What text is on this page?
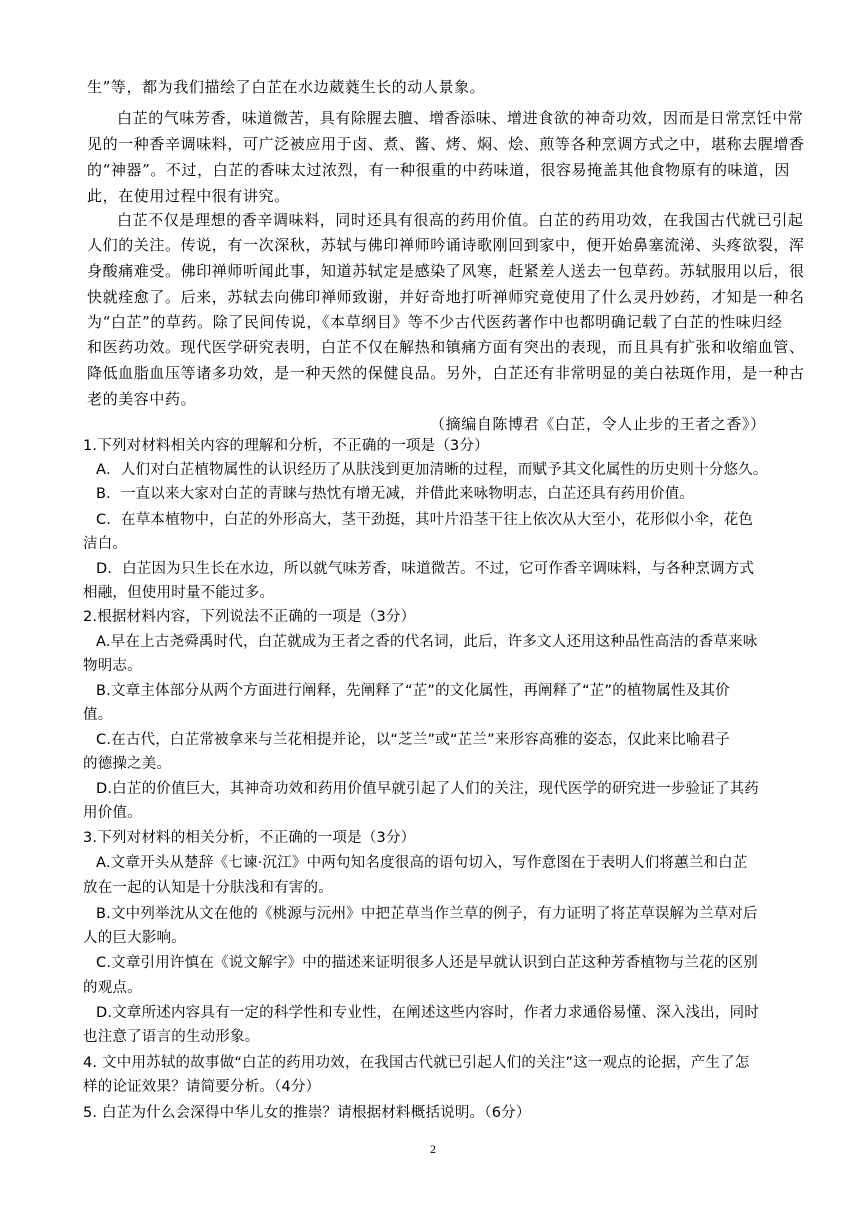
生”等，都为我们描绘了白芷在水边葳蕤生长的动人景象。
白芷的气味芳香，味道微苦，具有除腥去膻、增香添味、增进食欲的神奇功效，因而是日常烹饪中常
见的一种香辛调味料，可广泛被应用于卤、煮、酱、烤、焖、烩、煎等各种烹调方式之中，堪称去腥增香
的“神器”。不过，白芷的香味太过浓烈，有一种很重的中药味道，很容易掩盖其他食物原有的味道，因
此，在使用过程中很有讲究。
白芷不仅是理想的香辛调味料，同时还具有很高的药用价值。白芷的药用功效，在我国古代就已引起
人们的关注。传说，有一次深秋，苏轼与佛印禅师吟诵诗歌刚回到家中，便开始鼻塞流涕、头疼欲裂，浑
身酸痛难受。佛印禅师听闻此事，知道苏轼定是感染了风寒，赶紧差人送去一包草药。苏轼服用以后，很
快就痊愈了。后来，苏轼去向佛印禅师致谢，并好奇地打听禅师究竟使用了什么灵丹妙药，才知是一种名
为“白芷”的草药。除了民间传说，《本草纲目》等不少古代医药著作中也都明确记载了白芷的性味归经
和医药功效。现代医学研究表明，白芷不仅在解热和镇痛方面有突出的表现，而且具有扩张和收缩血管、
降低血脂血压等诸多功效，是一种天然的保健良品。另外，白芷还有非常明显的美白祛斑作用，是一种古
老的美容中药。
（摘编自陈博君《白芷，令人止步的王者之香》）
1.下列对材料相关内容的理解和分析，不正确的一项是（3分）
A．人们对白芷植物属性的认识经历了从肤浅到更加清晰的过程，而赋予其文化属性的历史则十分悠久。
B．一直以来大家对白芷的青睐与热忱有增无减，并借此来咏物明志，白芷还具有药用价值。
C．在草本植物中，白芷的外形高大，茎干劲挺，其叶片沿茎干往上依次从大至小，花形似小伞，花色
洁白。
D．白芷因为只生长在水边，所以就气味芳香，味道微苦。不过，它可作香辛调味料，与各种烹调方式
相融，但使用时量不能过多。
2.根据材料内容，下列说法不正确的一项是（3分）
A.早在上古尧舜禹时代，白芷就成为王者之香的代名词，此后，许多文人还用这种品性高洁的香草来咏
物明志。
B.文章主体部分从两个方面进行阐释，先阐释了“芷”的文化属性，再阐释了“芷”的植物属性及其价
值。
C.在古代，白芷常被拿来与兰花相提并论，以“芝兰”或“芷兰”来形容高雅的姿态，仅此来比喻君子
的德操之美。
D.白芷的价值巨大，其神奇功效和药用价值早就引起了人们的关注，现代医学的研究进一步验证了其药
用价值。
3.下列对材料的相关分析，不正确的一项是（3分）
A.文章开头从楚辞《七谏·沉江》中两句知名度很高的语句切入，写作意图在于表明人们将蕙兰和白芷
放在一起的认知是十分肤浅和有害的。
B.文中列举沈从文在他的《桃源与沅州》中把芷草当作兰草的例子，有力证明了将芷草误解为兰草对后
人的巨大影响。
C.文章引用许慎在《说文解字》中的描述来证明很多人还是早就认识到白芷这种芳香植物与兰花的区别
的观点。
D.文章所述内容具有一定的科学性和专业性，在阐述这些内容时，作者力求通俗易懂、深入浅出，同时
也注意了语言的生动形象。
4. 文中用苏轼的故事做“白芷的药用功效，在我国古代就已引起人们的关注”这一观点的论据，产生了怎
样的论证效果？请简要分析。（4分）
5. 白芷为什么会深得中华儿女的推崇？请根据材料概括说明。（6分）
2
